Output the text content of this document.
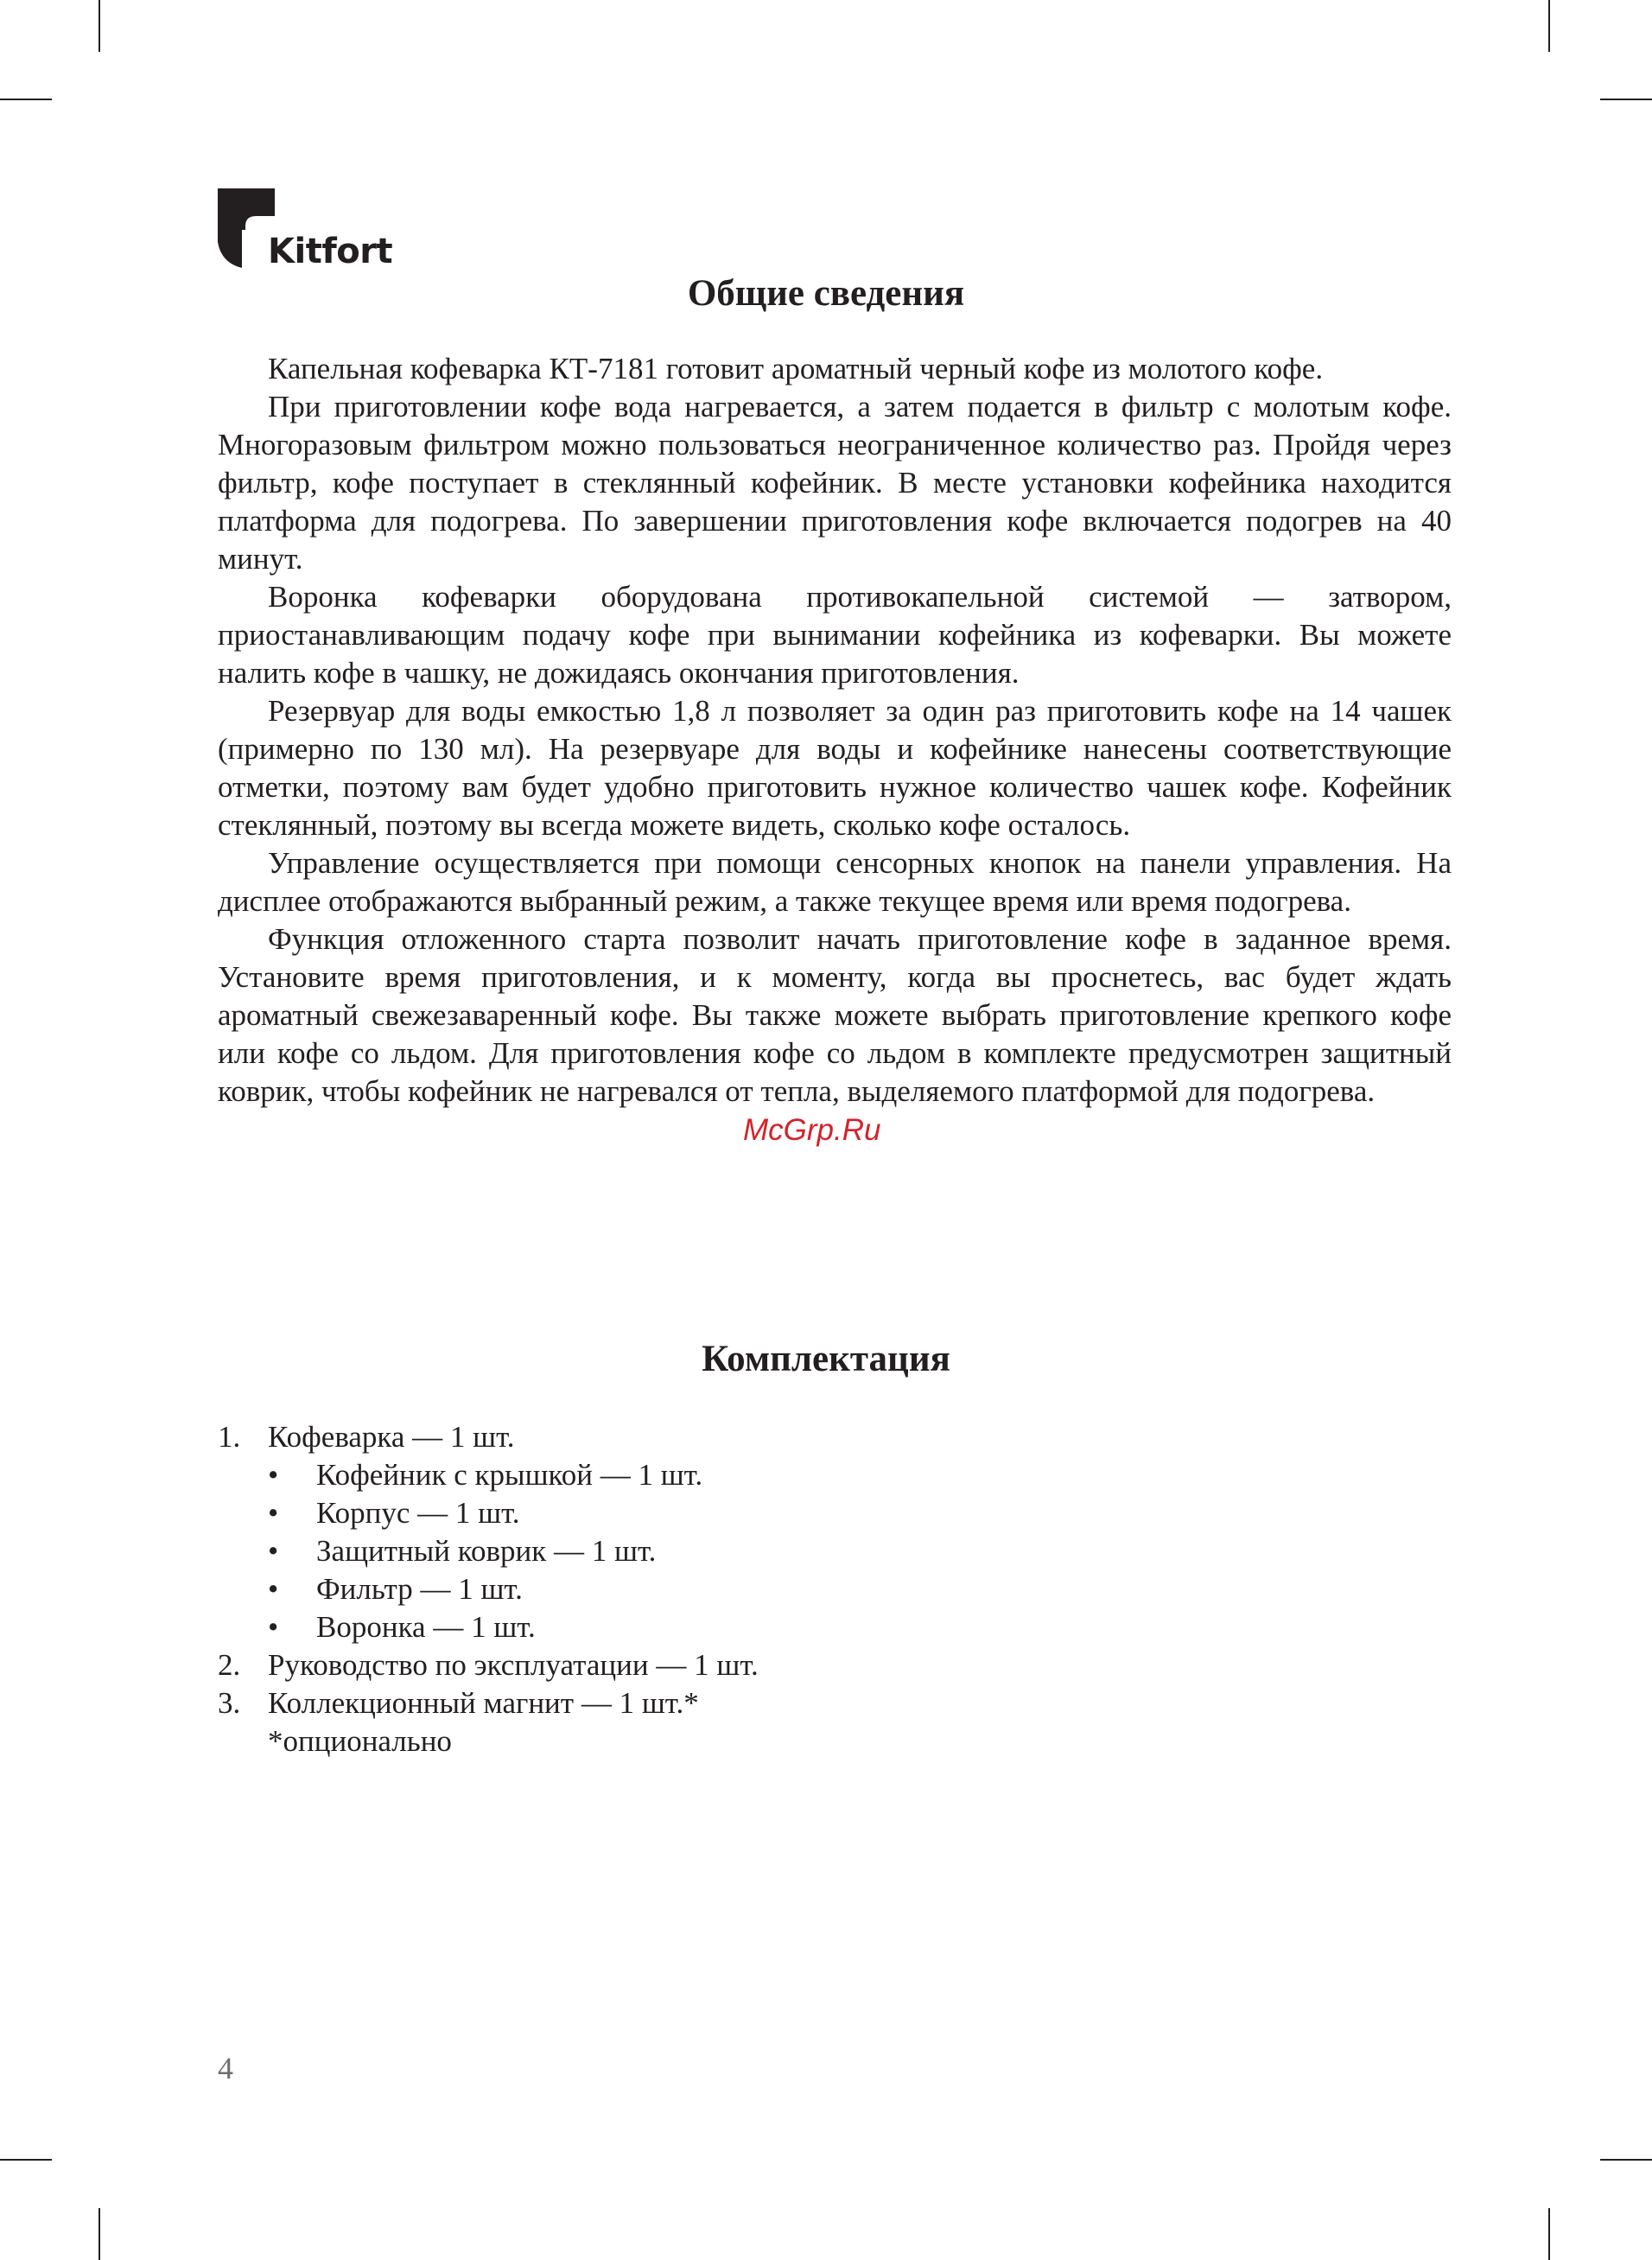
Kitfort
Общие сведения

Капельная кофеварка КТ-7181 готовит ароматный черный кофе из молотого кофе.

При приготовлении кофе вода нагревается, а затем подается в фильтр с молотым кофе. Многоразовым фильтром можно пользоваться неограниченное количество раз. Пройдя через фильтр, кофе поступает в стеклянный кофейник. В месте установки кофейника находится платформа для подогрева. По завершении приготовления кофе включается подогрев на 40 минут.

Воронка кофеварки оборудована противокапельной системой — затвором, приостанавливающим подачу кофе при вынимании кофейника из кофеварки. Вы можете налить кофе в чашку, не дожидаясь окончания приготовления.

Резервуар для воды емкостью 1,8 л позволяет за один раз приготовить кофе на 14 чашек (примерно по 130 мл). На резервуаре для воды и кофейнике нанесены соответствующие отметки, поэтому вам будет удобно приготовить нужное количество чашек кофе. Кофейник стеклянный, поэтому вы всегда можете видеть, сколько кофе осталось.

Управление осуществляется при помощи сенсорных кнопок на панели управления. На дисплее отображаются выбранный режим, а также текущее время или время подогрева.

Функция отложенного старта позволит начать приготовление кофе в заданное время. Установите время приготовления, и к моменту, когда вы проснетесь, вас будет ждать ароматный свежезаваренный кофе. Вы также можете выбрать приготовление крепкого кофе или кофе со льдом. Для приготовления кофе со льдом в комплекте предусмотрен защитный коврик, чтобы кофейник не нагревался от тепла, выделяемого платформой для подогрева.

McGrp.Ru
Комплектация
1. Кофеварка — 1 шт.
•	Кофейник с крышкой — 1 шт.
•	Корпус — 1 шт.
•	Защитный коврик — 1 шт.
•	Фильтр — 1 шт.
•	Воронка — 1 шт.
2. Руководство по эксплуатации — 1 шт.
3. Коллекционный магнит — 1 шт.*
*опционально
4
